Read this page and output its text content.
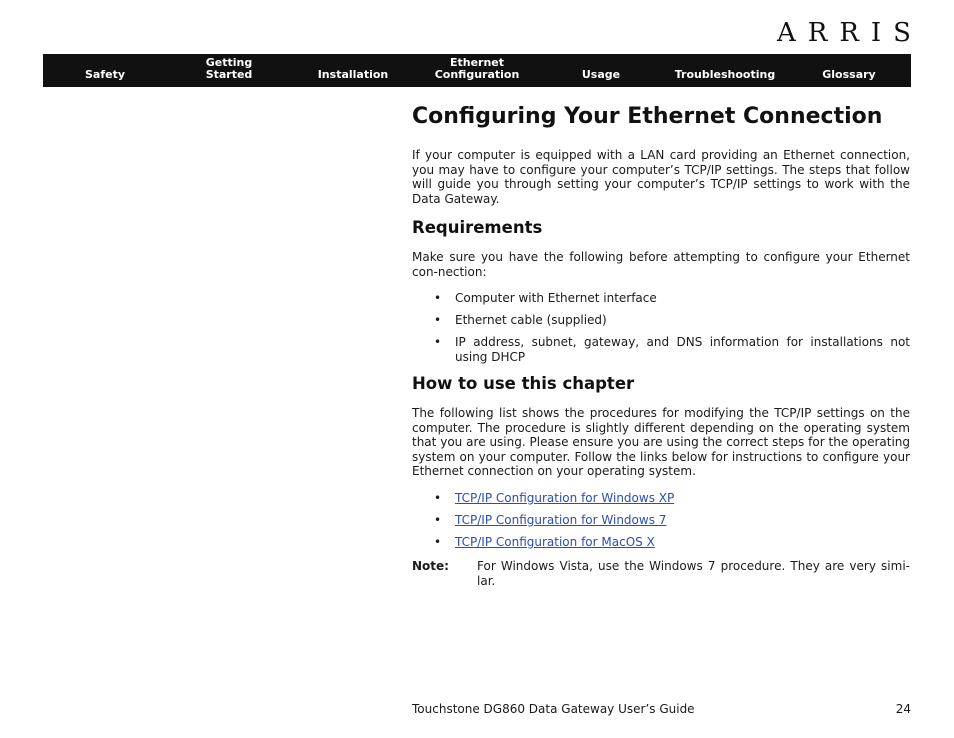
ARRIS
Safety
Getting
Started	Installation
Ethernet
Configuration	Usage	Troubleshooting	Glossary
Configuring Your Ethernet Connection

If your computer is equipped with a LAN card providing an Ethernet connection, you may have to configure your computer’s TCP/IP settings. The steps that follow will guide you through setting your computer’s TCP/IP settings to work with the Data Gateway.

Requirements

Make sure you have the following before attempting to configure your Ethernet con-nection:

• Computer with Ethernet interface
• Ethernet cable (supplied)
• IP address, subnet, gateway, and DNS information for installations not using DHCP
How to use this chapter

The following list shows the procedures for modifying the TCP/IP settings on the computer. The procedure is slightly different depending on the operating system that you are using. Please ensure you are using the correct steps for the operating system on your computer. Follow the links below for instructions to configure your Ethernet connection on your operating system.

• TCP/IP Configuration for Windows XP
• TCP/IP Configuration for Windows 7
• TCP/IP Configuration for MacOS X
Note:	For Windows Vista, use the Windows 7 procedure. They are very simi-lar.
Touchstone DG860 Data Gateway User’s Guide	24
